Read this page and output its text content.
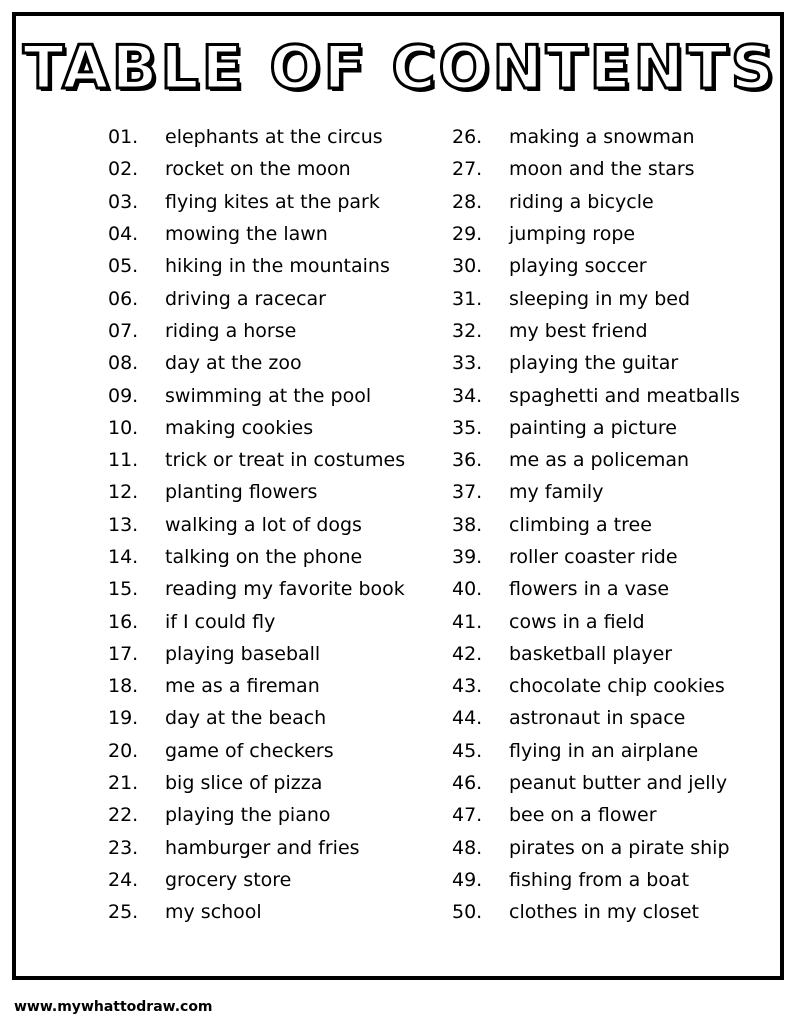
TABLE OF CONTENTS
01.	elephants at the circus
02.	rocket on the moon
03.	flying kites at the park
04.	mowing the lawn
05.	hiking in the mountains
06.	driving a racecar
07.	riding a horse
08.	day at the zoo
09.	swimming at the pool
10.	making cookies
11.	trick or treat in costumes
12.	planting flowers
13.	walking a lot of dogs
14.	talking on the phone
15.	reading my favorite book
16.	if I could fly
17.	playing baseball
18.	me as a fireman
19.	day at the beach
20.	game of checkers
21.	big slice of pizza
22.	playing the piano
23.	hamburger and fries
24.	grocery store
25.	my school
26.	making a snowman
27.	moon and the stars
28.	riding a bicycle
29.	jumping rope
30.	playing soccer
31.	sleeping in my bed
32.	my best friend
33.	playing the guitar
34.	spaghetti and meatballs
35.	painting a picture
36.	me as a policeman
37.	my family
38.	climbing a tree
39.	roller coaster ride
40.	flowers in a vase
41.	cows in a field
42.	basketball player
43.	chocolate chip cookies
44.	astronaut in space
45.	flying in an airplane
46.	peanut butter and jelly
47.	bee on a flower
48.	pirates on a pirate ship
49.	fishing from a boat
50.	clothes in my closet
www.mywhattodraw.com
